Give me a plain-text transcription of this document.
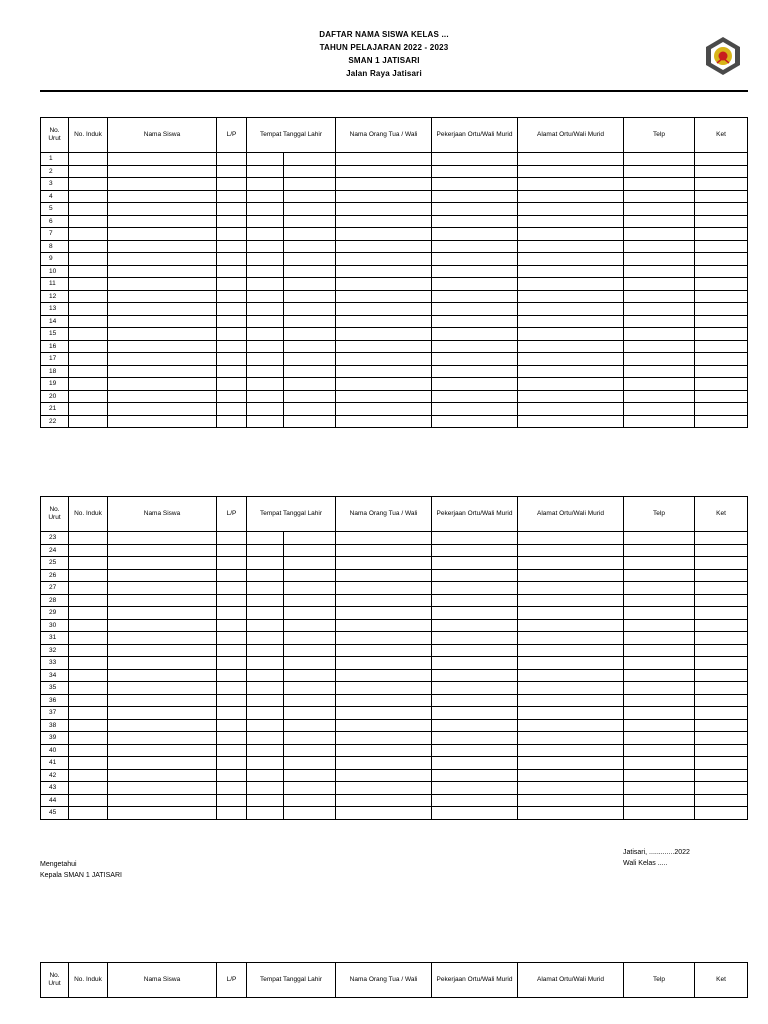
DAFTAR NAMA SISWA KELAS ...
TAHUN PELAJARAN 2022 - 2023
SMAN 1 JATISARI
Jalan Raya Jatisari
No. Urut	No. Induk	Nama Siswa	L/P	Tempat Tanggal Lahir		Nama Orang Tua / Wali	Pekerjaan Ortu/Wali Murid	Alamat Ortu/Wali Murid	Telp	Ket
1										
2										
3										
4										
5										
6										
7										
8										
9										
10										
11										
12										
13										
14										
15										
16										
17										
18										
19										
20										
21										
22										
No. Urut	No. Induk	Nama Siswa	L/P	Tempat Tanggal Lahir		Nama Orang Tua / Wali	Pekerjaan Ortu/Wali Murid	Alamat Ortu/Wali Murid	Telp	Ket
23										
24										
25										
26										
27										
28										
29										
30										
31										
32										
33										
34										
35										
36										
37										
38										
39										
40										
41										
42										
43										
44										
45										
Jatisari, .............2022
Wali Kelas .....
Mengetahui
Kepala SMAN 1 JATISARI
No. Urut	No. Induk	Nama Siswa	L/P	Tempat Tanggal Lahir	Nama Orang Tua / Wali	Pekerjaan Ortu/Wali Murid	Alamat Ortu/Wali Murid	Telp	Ket
